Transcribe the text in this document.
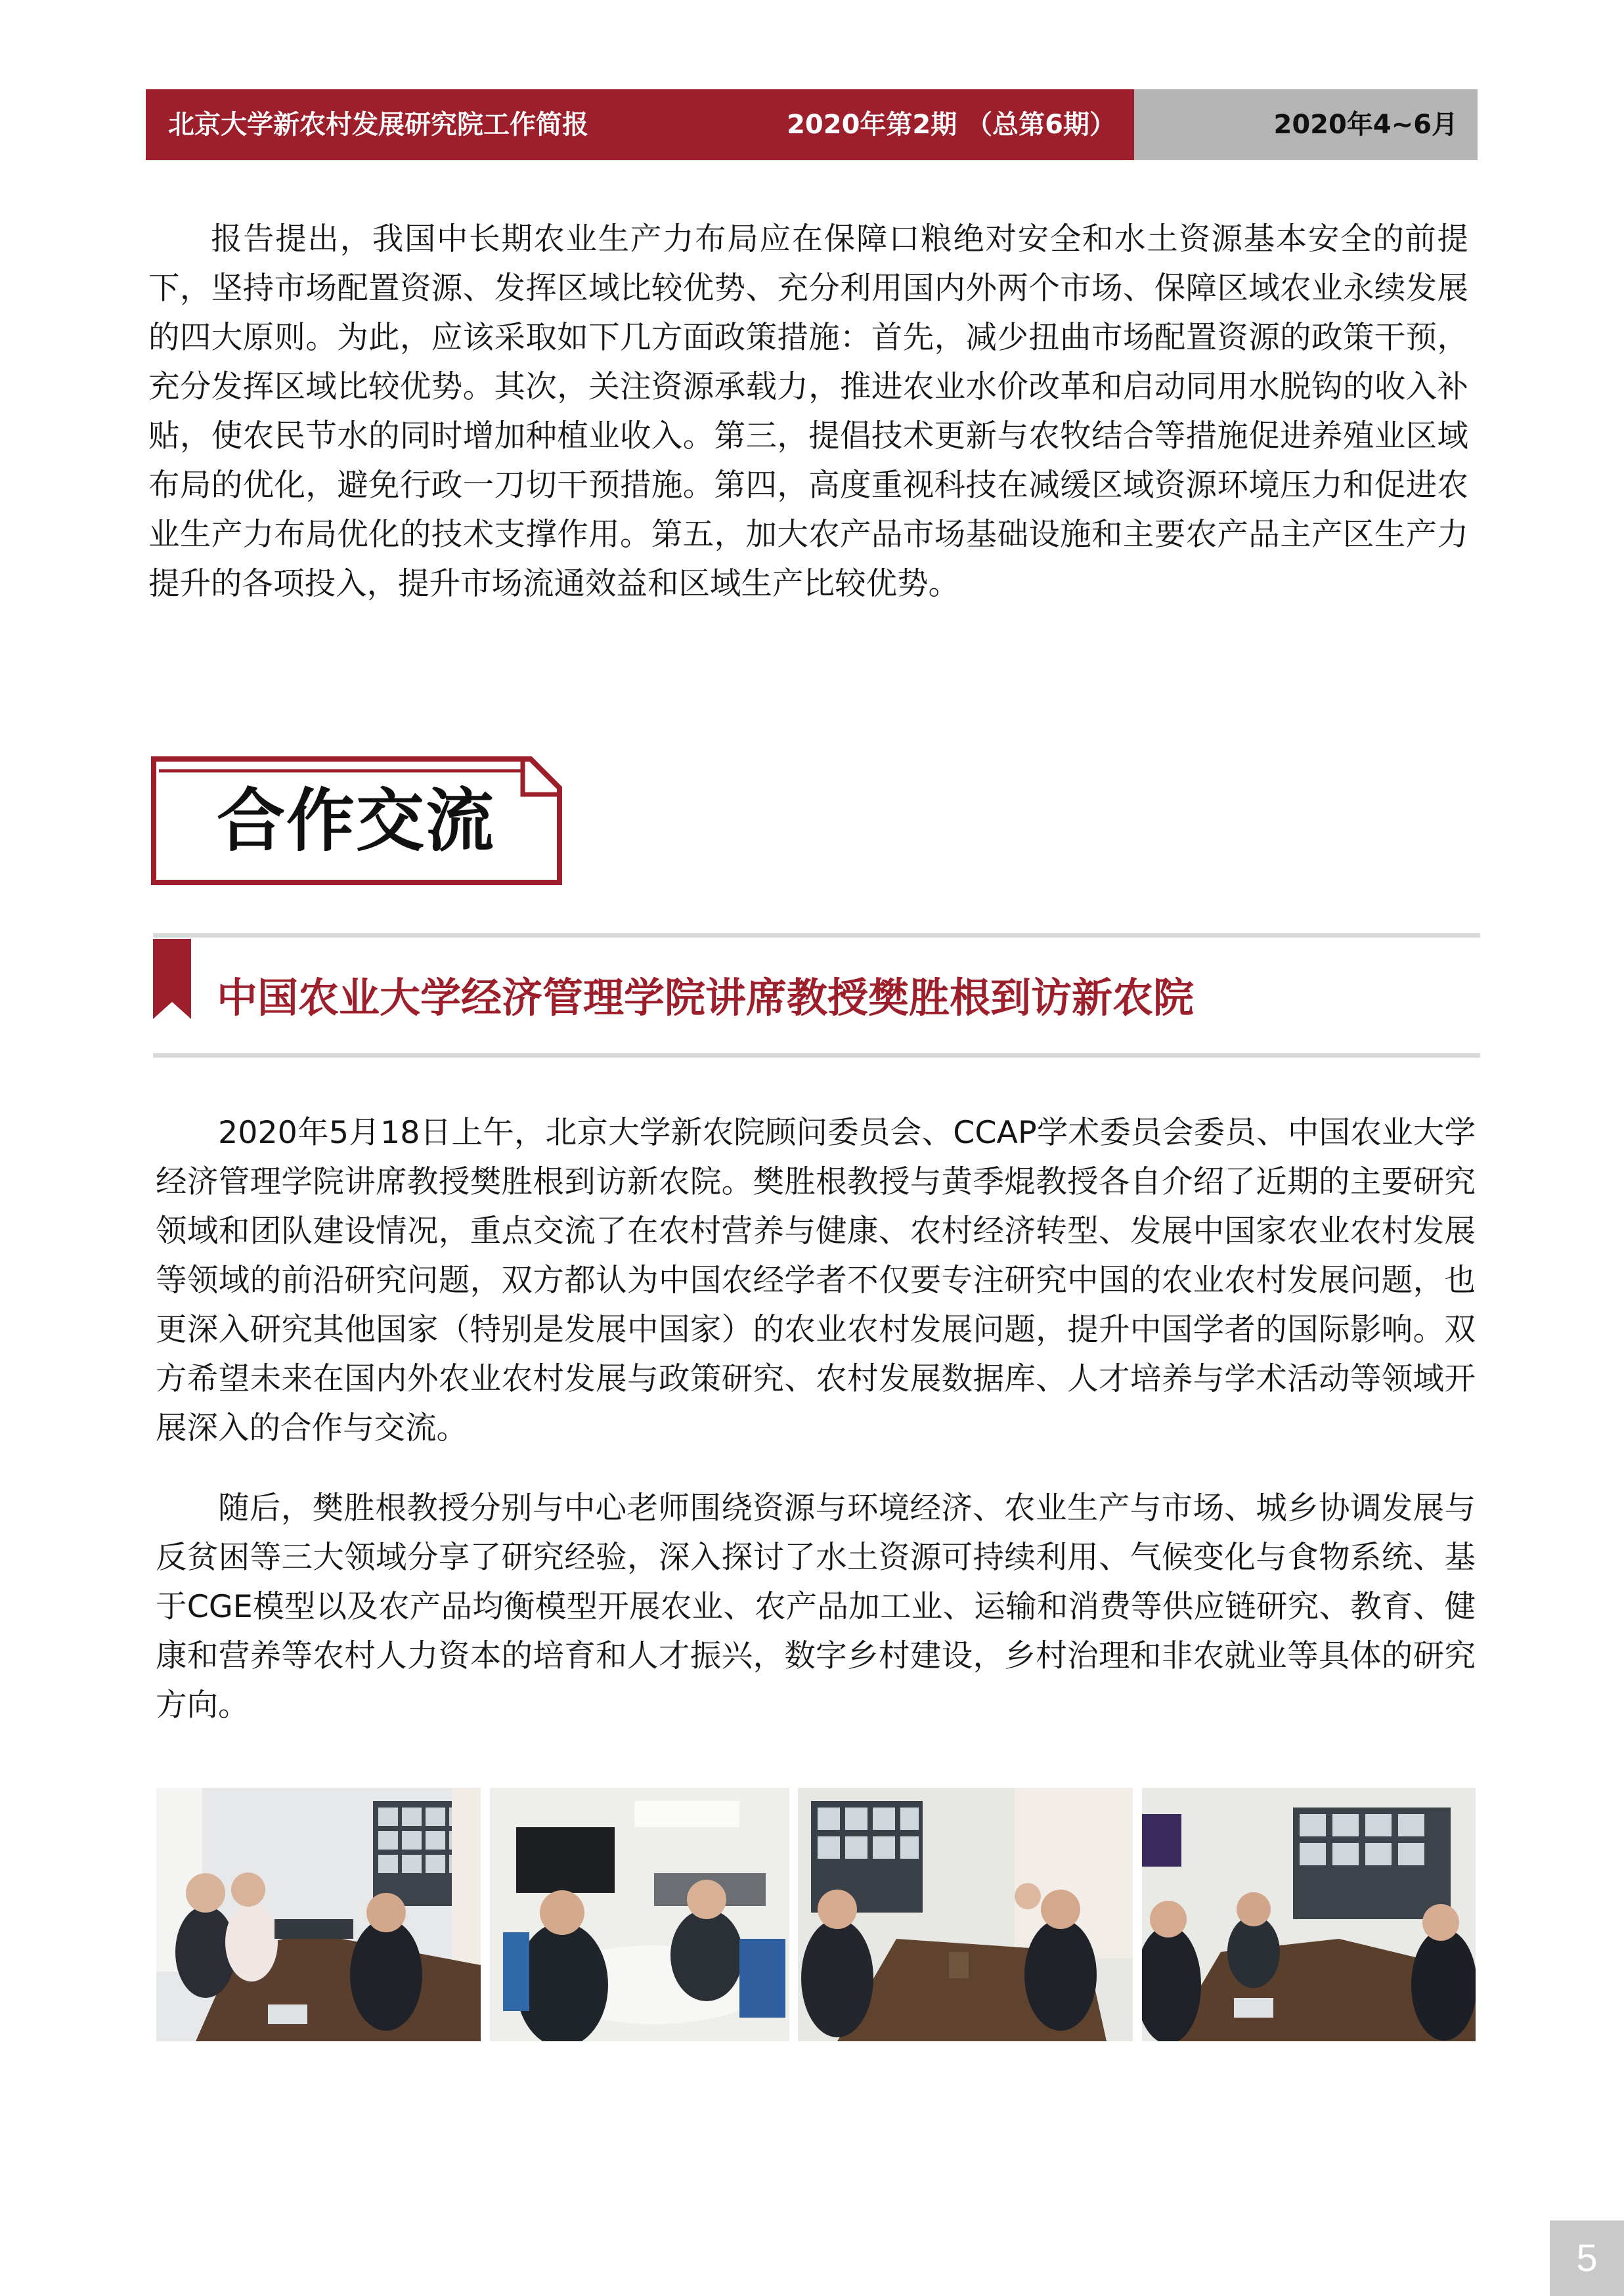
北京大学新农村发展研究院工作简报	2020年第2期 （总第6期）	2020年4~6月

报告提出，我国中长期农业生产力布局应在保障口粮绝对安全和水土资源基本安全的前提下，坚持市场配置资源、发挥区域比较优势、充分利用国内外两个市场、保障区域农业永续发展的四大原则。为此，应该采取如下几方面政策措施：首先，减少扭曲市场配置资源的政策干预，充分发挥区域比较优势。其次，关注资源承载力，推进农业水价改革和启动同用水脱钩的收入补贴，使农民节水的同时增加种植业收入。第三，提倡技术更新与农牧结合等措施促进养殖业区域布局的优化，避免行政一刀切干预措施。第四，高度重视科技在减缓区域资源环境压力和促进农业生产力布局优化的技术支撑作用。第五，加大农产品市场基础设施和主要农产品主产区生产力提升的各项投入，提升市场流通效益和区域生产比较优势。

合作交流
中国农业大学经济管理学院讲席教授樊胜根到访新农院

2020年5月18日上午，北京大学新农院顾问委员会、CCAP学术委员会委员、中国农业大学经济管理学院讲席教授樊胜根到访新农院。樊胜根教授与黄季焜教授各自介绍了近期的主要研究领域和团队建设情况，重点交流了在农村营养与健康、农村经济转型、发展中国家农业农村发展等领域的前沿研究问题，双方都认为中国农经学者不仅要专注研究中国的农业农村发展问题，也更深入研究其他国家（特别是发展中国家）的农业农村发展问题，提升中国学者的国际影响。双方希望未来在国内外农业农村发展与政策研究、农村发展数据库、人才培养与学术活动等领域开展深入的合作与交流。

随后，樊胜根教授分别与中心老师围绕资源与环境经济、农业生产与市场、城乡协调发展与反贫困等三大领域分享了研究经验，深入探讨了水土资源可持续利用、气候变化与食物系统、基于CGE模型以及农产品均衡模型开展农业、农产品加工业、运输和消费等供应链研究、教育、健康和营养等农村人力资本的培育和人才振兴，数字乡村建设，乡村治理和非农就业等具体的研究方向。

5
